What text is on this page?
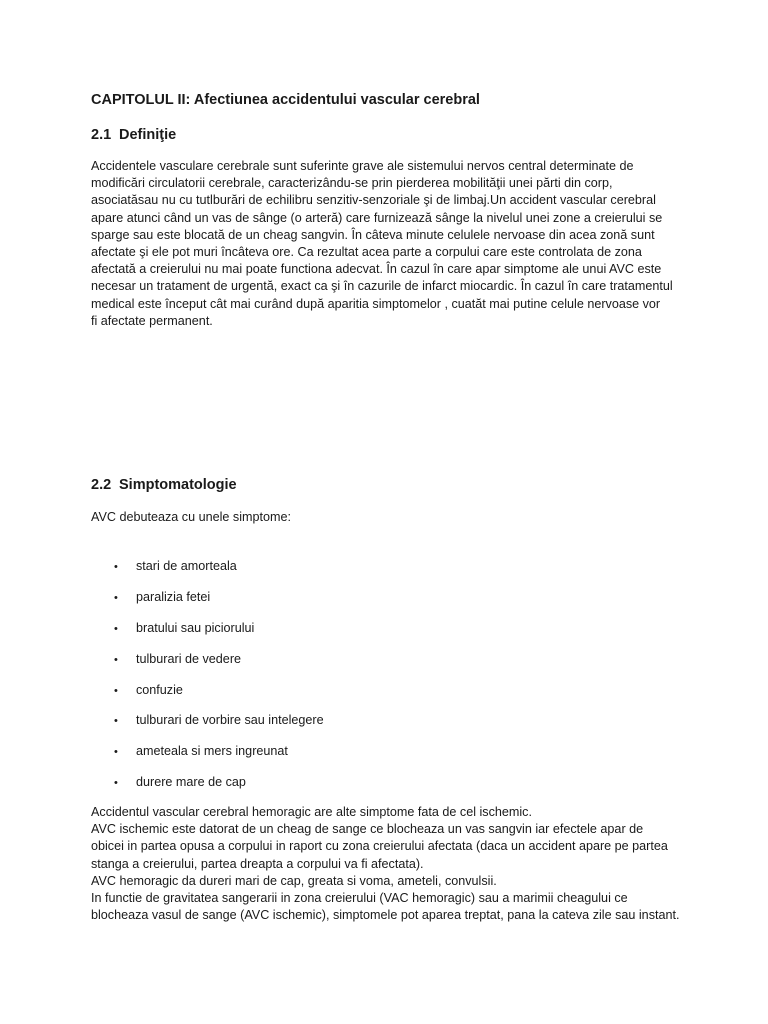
CAPITOLUL II: Afectiunea accidentului vascular cerebral
2.1 Definiţie

Accidentele vasculare cerebrale sunt suferinte grave ale sistemului nervos central determinate de
modificări circulatorii cerebrale, caracterizându-se prin pierderea mobilităţii unei părti din corp,
asociatăsau nu cu tutlburări de echilibru senzitiv-senzoriale şi de limbaj.Un accident vascular cerebral
apare atunci când un vas de sânge (o arteră) care furnizează sânge la nivelul unei zone a creierului se
sparge sau este blocată de un cheag sangvin. În câteva minute celulele nervoase din acea zonă sunt
afectate şi ele pot muri încâteva ore. Ca rezultat acea parte a corpului care este controlata de zona
afectată a creierului nu mai poate functiona adecvat. În cazul în care apar simptome ale unui AVC este
necesar un tratament de urgentă, exact ca şi în cazurile de infarct miocardic. În cazul în care tratamentul
medical este început cât mai curând după aparitia simptomelor , cuatăt mai putine celule nervoase vor
fi afectate permanent.

2.2 Simptomatologie

AVC debuteaza cu unele simptome:

• stari de amorteala
• paralizia fetei
• bratului sau piciorului
• tulburari de vedere
• confuzie
• tulburari de vorbire sau intelegere
• ameteala si mers ingreunat
• durere mare de cap

Accidentul vascular cerebral hemoragic are alte simptome fata de cel ischemic.
AVC ischemic este datorat de un cheag de sange ce blocheaza un vas sangvin iar efectele apar de
obicei in partea opusa a corpului in raport cu zona creierului afectata (daca un accident apare pe partea
stanga a creierului, partea dreapta a corpului va fi afectata).
AVC hemoragic da dureri mari de cap, greata si voma, ameteli, convulsii.
In functie de gravitatea sangerarii in zona creierului (VAC hemoragic) sau a marimii cheagului ce
blocheaza vasul de sange (AVC ischemic), simptomele pot aparea treptat, pana la cateva zile sau instant.
